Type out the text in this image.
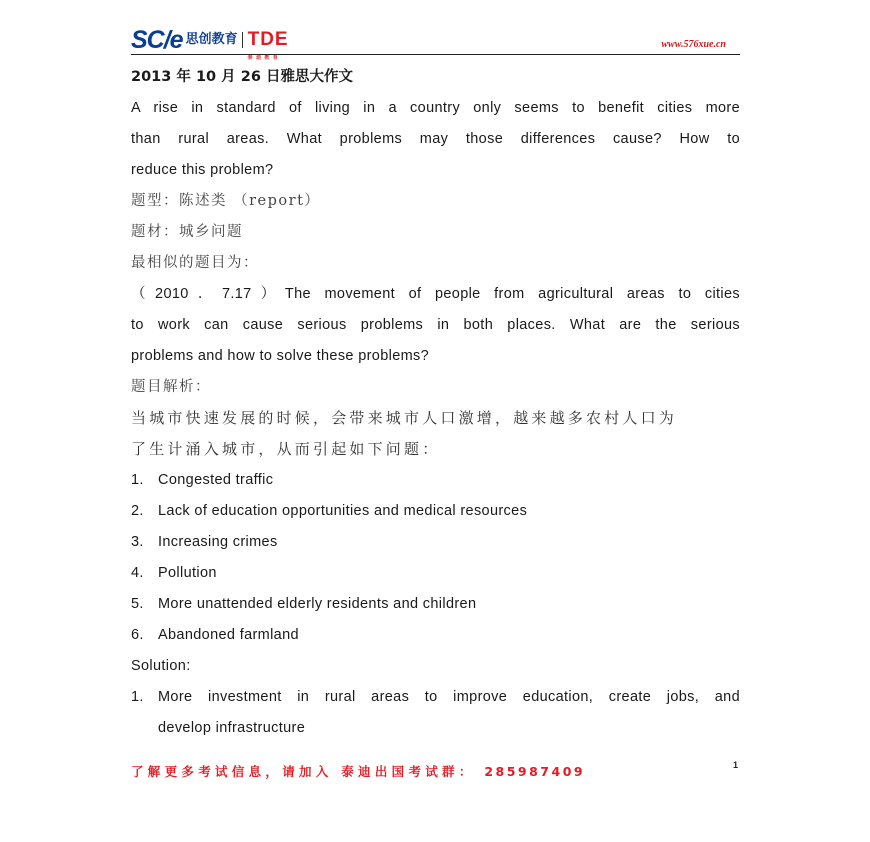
SC/e 思创教育 TDE
泰 迪 教 育
www.576xue.cn
2013 年 10 月 26 日雅思大作文
A rise in standard of living in a country only seems to benefit cities more
than rural areas. What problems may those differences cause? How to
reduce this problem?
题型：陈述类 （report）
题材：城乡问题
最相似的题目为：
（2010．7.17）The movement of people from agricultural areas to cities
to work can cause serious problems in both places. What are the serious
problems and how to solve these problems?
题目解析：
当城市快速发展的时候，会带来城市人口激增，越来越多农村人口为
了生计涌入城市，从而引起如下问题：
1. Congested traffic
2. Lack of education opportunities and medical resources
3. Increasing crimes
4. Pollution
5. More unattended elderly residents and children
6. Abandoned farmland
Solution:
1. More investment in rural areas to improve education, create jobs, and
develop infrastructure
了解更多考试信息，请加入 泰迪出国考试群： 285987409	1
